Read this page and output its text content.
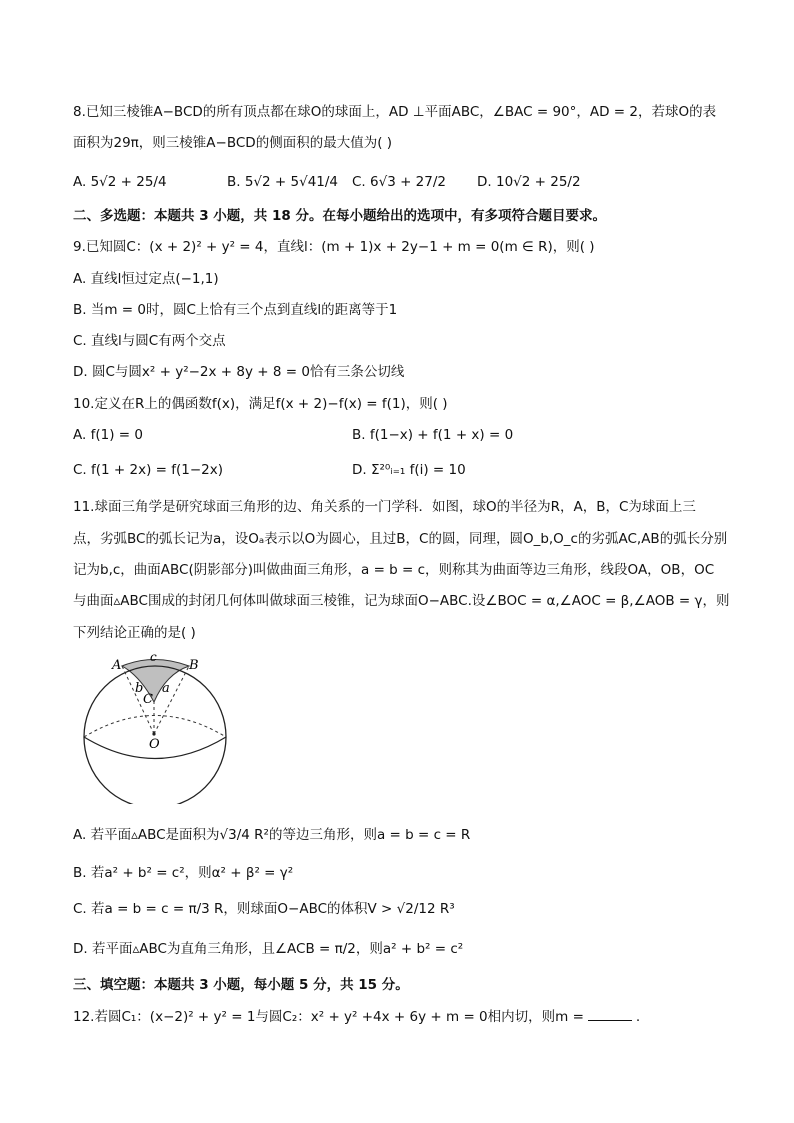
8.已知三棱锥A−BCD的所有顶点都在球O的球面上，AD ⊥平面ABC，∠BAC = 90°，AD = 2，若球O的表
面积为29π，则三棱锥A−BCD的侧面积的最大值为( )
A. 5√2 + 25/4	B. 5√2 + 5√41/4 C. 6√3 + 27/2 D. 10√2 + 25/2
二、多选题：本题共 3 小题，共 18 分。在每小题给出的选项中，有多项符合题目要求。
9.已知圆C：(x + 2)² + y² = 4，直线l：(m + 1)x + 2y−1 + m = 0(m ∈ R)，则( )
A. 直线l恒过定点(−1,1)
B. 当m = 0时，圆C上恰有三个点到直线l的距离等于1
C. 直线l与圆C有两个交点
D. 圆C与圆x² + y²−2x + 8y + 8 = 0恰有三条公切线
10.定义在R上的偶函数f(x)，满足f(x + 2)−f(x) = f(1)，则( )
A. f(1) = 0	B. f(1−x) + f(1 + x) = 0
C. f(1 + 2x) = f(1−2x)	D. Σ²⁰ᵢ₌₁ f(i) = 10
11.球面三角学是研究球面三角形的边、角关系的一门学科．如图，球O的半径为R，A，B，C为球面上三
点，劣弧BC的弧长记为a，设Oₐ表示以O为圆心，且过B，C的圆，同理，圆O_b,O_c的劣弧AC,AB的弧长分别
记为b,c，曲面ABC(阴影部分)叫做曲面三角形，a = b = c，则称其为曲面等边三角形，线段OA，OB，OC
与曲面▵ABC围成的封闭几何体叫做球面三棱锥，记为球面O−ABC.设∠BOC = α,∠AOC = β,∠AOB = γ，则
下列结论正确的是( )
A	B
c
b a
C
O
A. 若平面▵ABC是面积为√3/4 R²的等边三角形，则a = b = c = R
B. 若a² + b² = c²，则α² + β² = γ²
C. 若a = b = c = π/3 R，则球面O−ABC的体积V > √2/12 R³
D. 若平面▵ABC为直角三角形，且∠ACB = π/2，则a² + b² = c²
三、填空题：本题共 3 小题，每小题 5 分，共 15 分。
12.若圆C₁：(x−2)² + y² = 1与圆C₂：x² + y² +4x + 6y + m = 0相内切，则m =	.
